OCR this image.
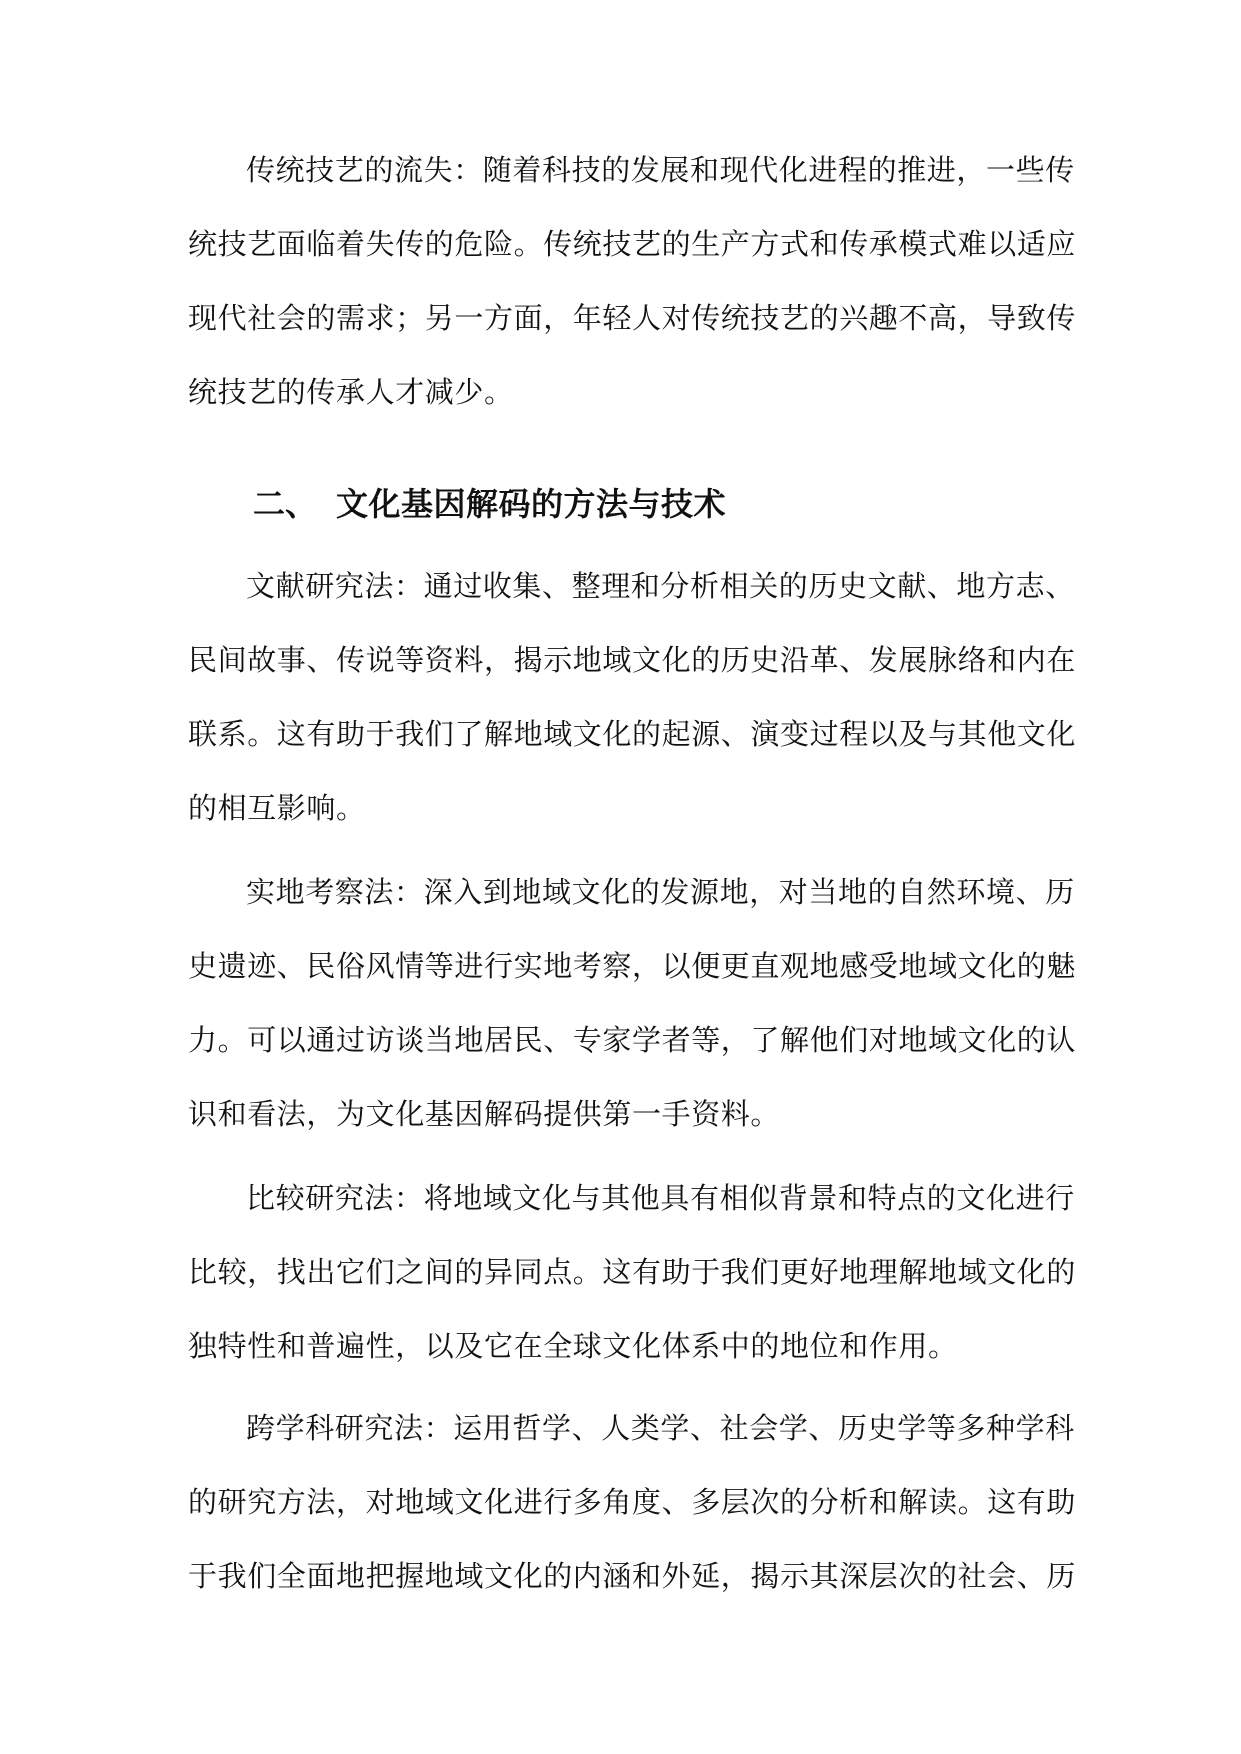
传统技艺的流失：随着科技的发展和现代化进程的推进，一些传
统技艺面临着失传的危险。传统技艺的生产方式和传承模式难以适应
现代社会的需求；另一方面，年轻人对传统技艺的兴趣不高，导致传
统技艺的传承人才减少。
二、 文化基因解码的方法与技术
文献研究法：通过收集、整理和分析相关的历史文献、地方志、
民间故事、传说等资料，揭示地域文化的历史沿革、发展脉络和内在
联系。这有助于我们了解地域文化的起源、演变过程以及与其他文化
的相互影响。
实地考察法：深入到地域文化的发源地，对当地的自然环境、历
史遗迹、民俗风情等进行实地考察，以便更直观地感受地域文化的魅
力。可以通过访谈当地居民、专家学者等，了解他们对地域文化的认
识和看法，为文化基因解码提供第一手资料。
比较研究法：将地域文化与其他具有相似背景和特点的文化进行
比较，找出它们之间的异同点。这有助于我们更好地理解地域文化的
独特性和普遍性，以及它在全球文化体系中的地位和作用。
跨学科研究法：运用哲学、人类学、社会学、历史学等多种学科
的研究方法，对地域文化进行多角度、多层次的分析和解读。这有助
于我们全面地把握地域文化的内涵和外延，揭示其深层次的社会、历
